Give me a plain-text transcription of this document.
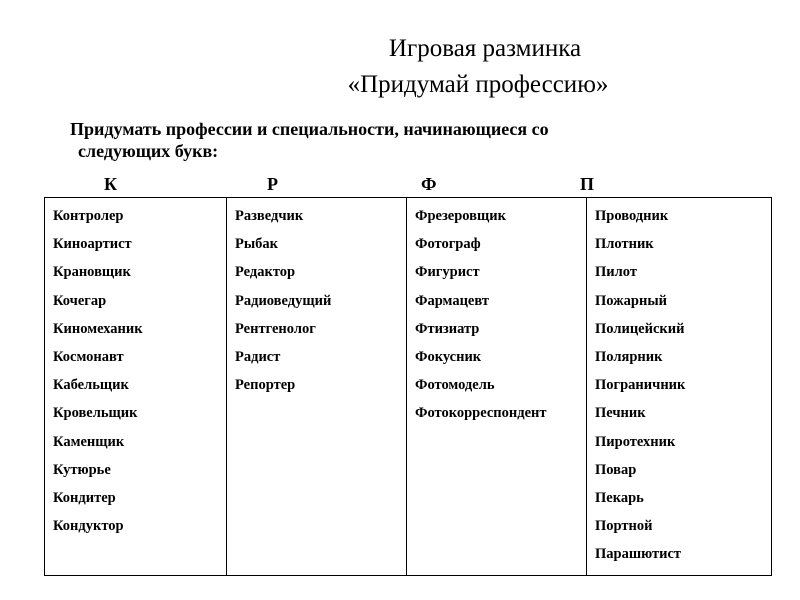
Игровая разминка
«Придумай профессию»
Придумать профессии и специальности, начинающиеся со

следующих букв:
К	Р	Ф	П
Контролер
Киноартист
Крановщик
Кочегар
Киномеханик
Космонавт
Кабельщик
Кровельщик
Каменщик
Кутюрье
Кондитер
Кондуктор

Разведчик
Рыбак
Редактор
Радиоведущий
Рентгенолог
Радист
Репортер

Фрезеровщик
Фотограф
Фигурист
Фармацевт
Фтизиатр
Фокусник
Фотомодель
Фотокорреспондент

Проводник
Плотник
Пилот
Пожарный
Полицейский
Полярник
Пограничник
Печник
Пиротехник
Повар
Пекарь
Портной
Парашютист
